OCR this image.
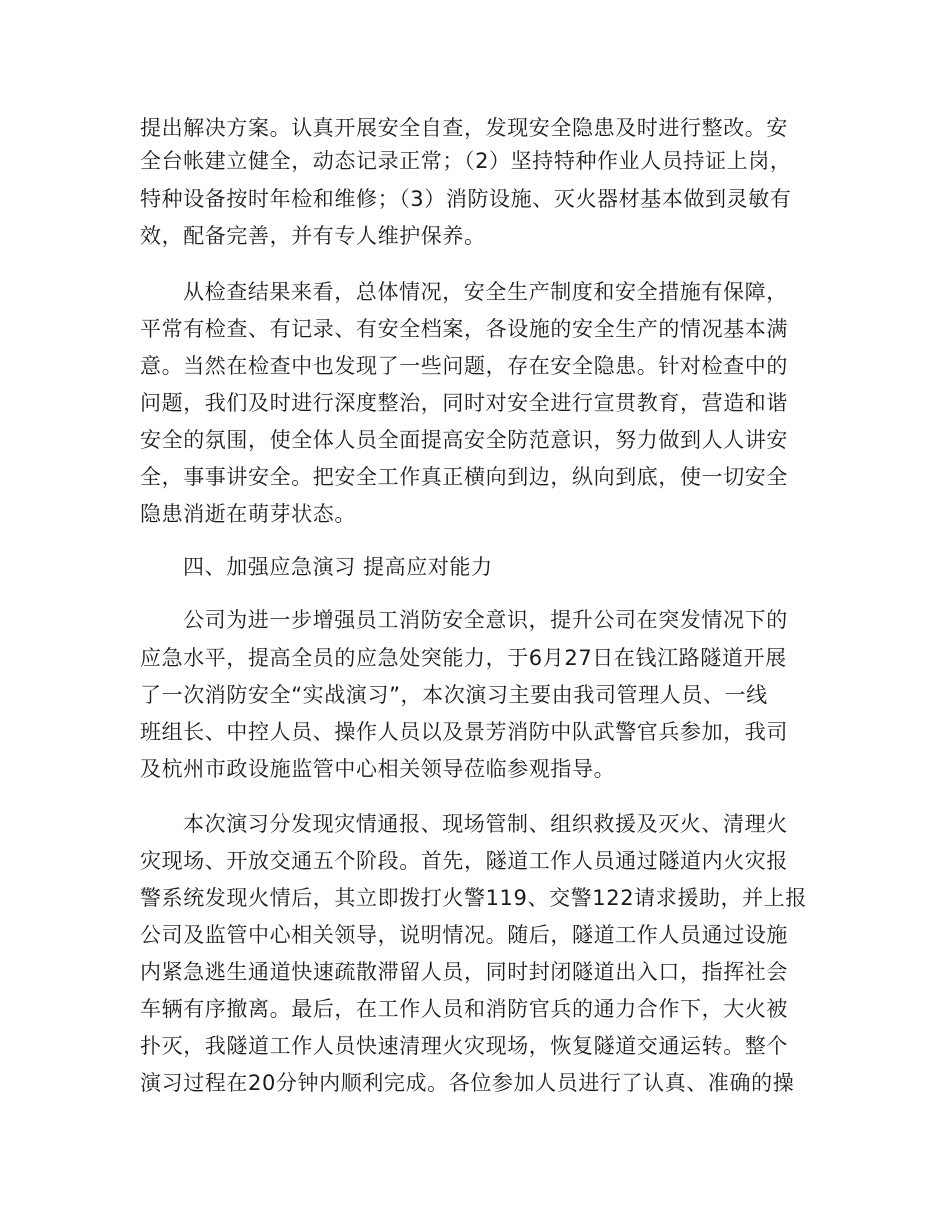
提出解决方案。认真开展安全自查，发现安全隐患及时进行整改。安
全台帐建立健全，动态记录正常；（2）坚持特种作业人员持证上岗，
特种设备按时年检和维修；（3）消防设施、灭火器材基本做到灵敏有
效，配备完善，并有专人维护保养。
从检查结果来看，总体情况，安全生产制度和安全措施有保障，
平常有检查、有记录、有安全档案，各设施的安全生产的情况基本满
意。当然在检查中也发现了一些问题，存在安全隐患。针对检查中的
问题，我们及时进行深度整治，同时对安全进行宣贯教育，营造和谐
安全的氛围，使全体人员全面提高安全防范意识，努力做到人人讲安
全，事事讲安全。把安全工作真正横向到边，纵向到底，使一切安全
隐患消逝在萌芽状态。
四、加强应急演习 提高应对能力
公司为进一步增强员工消防安全意识，提升公司在突发情况下的
应急水平，提高全员的应急处突能力，于6月27日在钱江路隧道开展
了一次消防安全“实战演习”，本次演习主要由我司管理人员、一线
班组长、中控人员、操作人员以及景芳消防中队武警官兵参加，我司
及杭州市政设施监管中心相关领导莅临参观指导。
本次演习分发现灾情通报、现场管制、组织救援及灭火、清理火
灾现场、开放交通五个阶段。首先，隧道工作人员通过隧道内火灾报
警系统发现火情后，其立即拨打火警119、交警122请求援助，并上报
公司及监管中心相关领导，说明情况。随后，隧道工作人员通过设施
内紧急逃生通道快速疏散滞留人员，同时封闭隧道出入口，指挥社会
车辆有序撤离。最后，在工作人员和消防官兵的通力合作下，大火被
扑灭，我隧道工作人员快速清理火灾现场，恢复隧道交通运转。整个
演习过程在20分钟内顺利完成。各位参加人员进行了认真、准确的操
